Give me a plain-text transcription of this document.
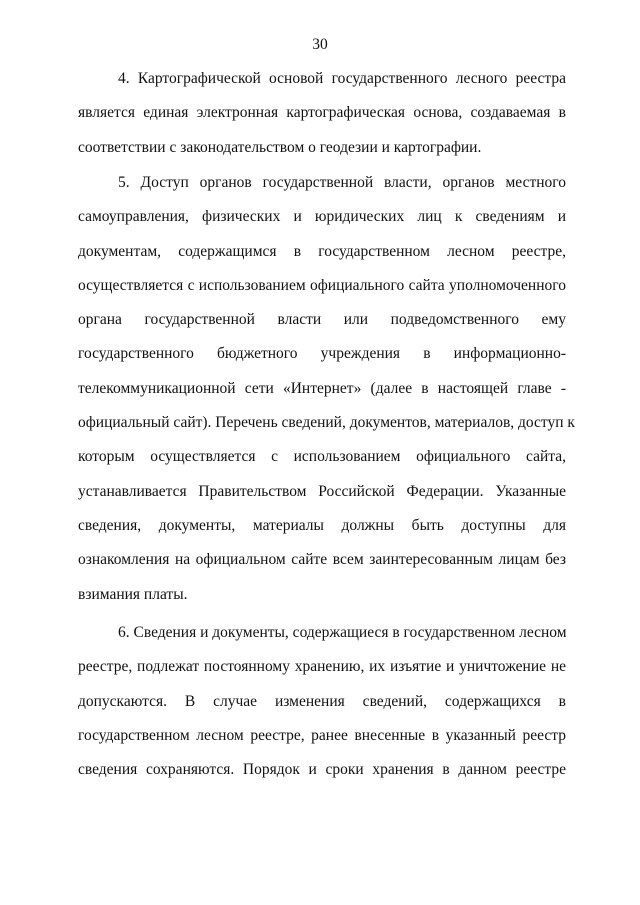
30
4. Картографической основой государственного лесного реестра
является единая электронная картографическая основа, создаваемая в
соответствии с законодательством о геодезии и картографии.
5. Доступ органов государственной власти, органов местного
самоуправления, физических и юридических лиц к сведениям и
документам, содержащимся в государственном лесном реестре,
осуществляется с использованием официального сайта уполномоченного
органа государственной власти или подведомственного ему
государственного бюджетного учреждения в информационно-
телекоммуникационной сети «Интернет» (далее в настоящей главе -
официальный сайт). Перечень сведений, документов, материалов, доступ к
которым осуществляется с использованием официального сайта,
устанавливается Правительством Российской Федерации. Указанные
сведения, документы, материалы должны быть доступны для
ознакомления на официальном сайте всем заинтересованным лицам без
взимания платы.
6. Сведения и документы, содержащиеся в государственном лесном
реестре, подлежат постоянному хранению, их изъятие и уничтожение не
допускаются. В случае изменения сведений, содержащихся в
государственном лесном реестре, ранее внесенные в указанный реестр
сведения сохраняются. Порядок и сроки хранения в данном реестре
